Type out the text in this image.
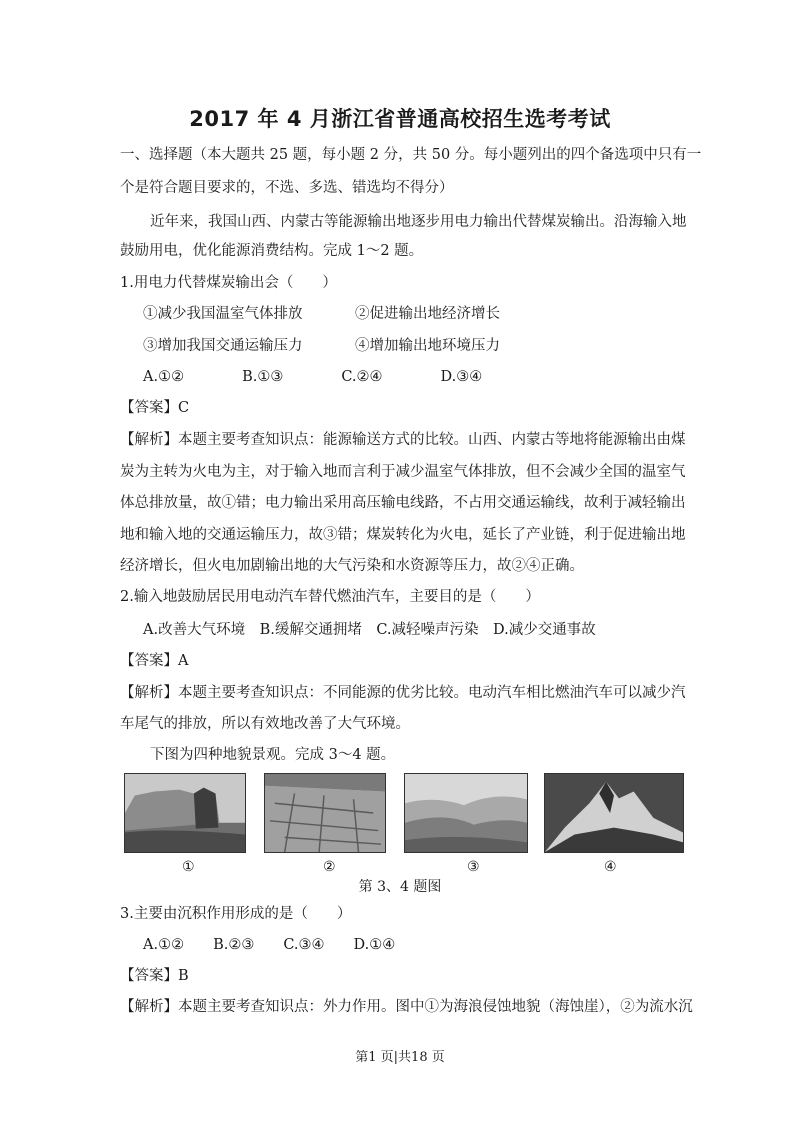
2017 年 4 月浙江省普通高校招生选考考试
一、选择题（本大题共 25 题，每小题 2 分，共 50 分。每小题列出的四个备选项中只有一
个是符合题目要求的，不选、多选、错选均不得分）
近年来，我国山西、内蒙古等能源输出地逐步用电力输出代替煤炭输出。沿海输入地
鼓励用电，优化能源消费结构。完成 1～2 题。
1.用电力代替煤炭输出会（　　）
①减少我国温室气体排放	②促进输出地经济增长
③增加我国交通运输压力	④增加输出地环境压力
A.①②　　　　B.①③　　　　C.②④　　　　D.③④
【答案】C
【解析】本题主要考查知识点：能源输送方式的比较。山西、内蒙古等地将能源输出由煤
炭为主转为火电为主，对于输入地而言利于减少温室气体排放，但不会减少全国的温室气
体总排放量，故①错；电力输出采用高压输电线路，不占用交通运输线，故利于减轻输出
地和输入地的交通运输压力，故③错；煤炭转化为火电，延长了产业链，利于促进输出地
经济增长，但火电加剧输出地的大气污染和水资源等压力，故②④正确。
2.输入地鼓励居民用电动汽车替代燃油汽车，主要目的是（　　）
A.改善大气环境　B.缓解交通拥堵　C.减轻噪声污染　D.减少交通事故
【答案】A
【解析】本题主要考查知识点：不同能源的优劣比较。电动汽车相比燃油汽车可以减少汽
车尾气的排放，所以有效地改善了大气环境。
下图为四种地貌景观。完成 3～4 题。
①	②	③	④
第 3、4 题图
3.主要由沉积作用形成的是（　　）
A.①②　　B.②③　　C.③④　　D.①④
【答案】B
【解析】本题主要考查知识点：外力作用。图中①为海浪侵蚀地貌（海蚀崖），②为流水沉
第1 页|共18 页
